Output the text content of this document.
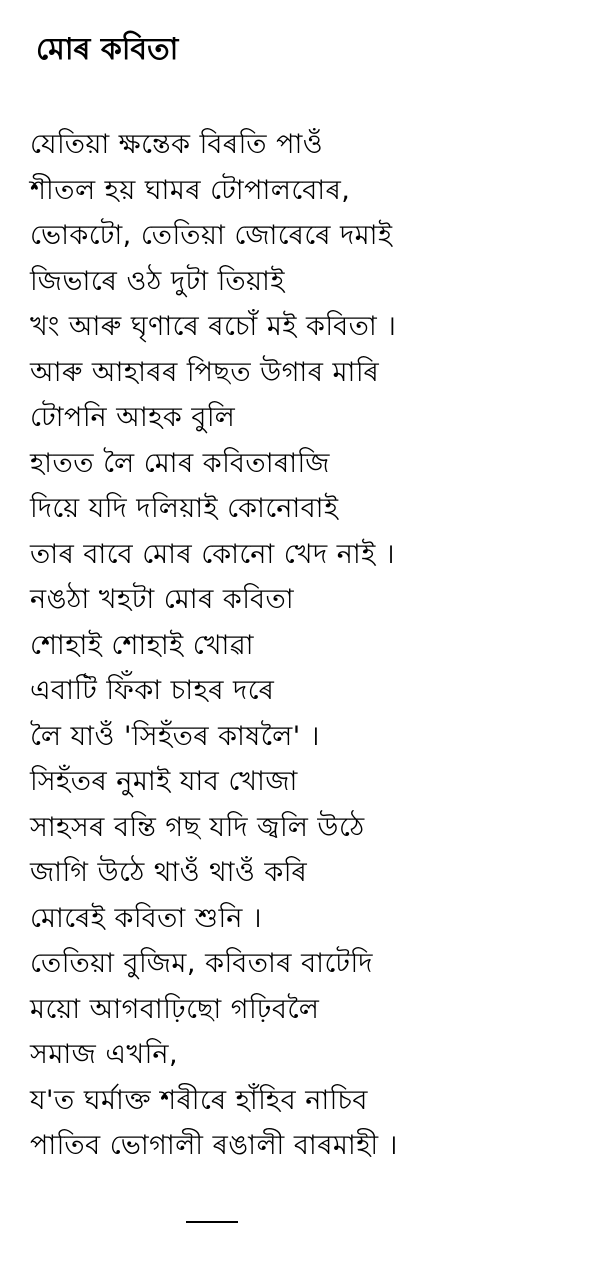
মোৰ কবিতা
যেতিয়া ক্ষন্তেক বিৰতি পাওঁ
শীতল হয় ঘামৰ টোপালবোৰ,
ভোকটো, তেতিয়া জোৰেৰে দমাই
জিভাৰে ওঠ দুটা তিয়াই
খং আৰু ঘৃণাৰে ৰচোঁ মই কবিতা ।
আৰু আহাৰৰ পিছত উগাৰ মাৰি
টোপনি আহক বুলি
হাতত লৈ মোৰ কবিতাৰাজি
দিয়ে যদি দলিয়াই কোনোবাই
তাৰ বাবে মোৰ কোনো খেদ নাই ।
নঙঠা খহটা মোৰ কবিতা
শোহাই শোহাই খোৱা
এবাটি ফিঁকা চাহৰ দৰে
লৈ যাওঁ 'সিহঁতৰ কাষলৈ' ।
সিহঁতৰ নুমাই যাব খোজা
সাহসৰ বন্তি গছ যদি জ্বলি উঠে
জাগি উঠে থাওঁ থাওঁ কৰি
মোৰেই কবিতা শুনি ।
তেতিয়া বুজিম, কবিতাৰ বাটেদি
ময়ো আগবাঢ়িছো গঢ়িবলৈ
সমাজ এখনি,
য'ত ঘৰ্মাক্ত শৰীৰে হাঁহিব নাচিব
পাতিব ভোগালী ৰঙালী বাৰমাহী ।
